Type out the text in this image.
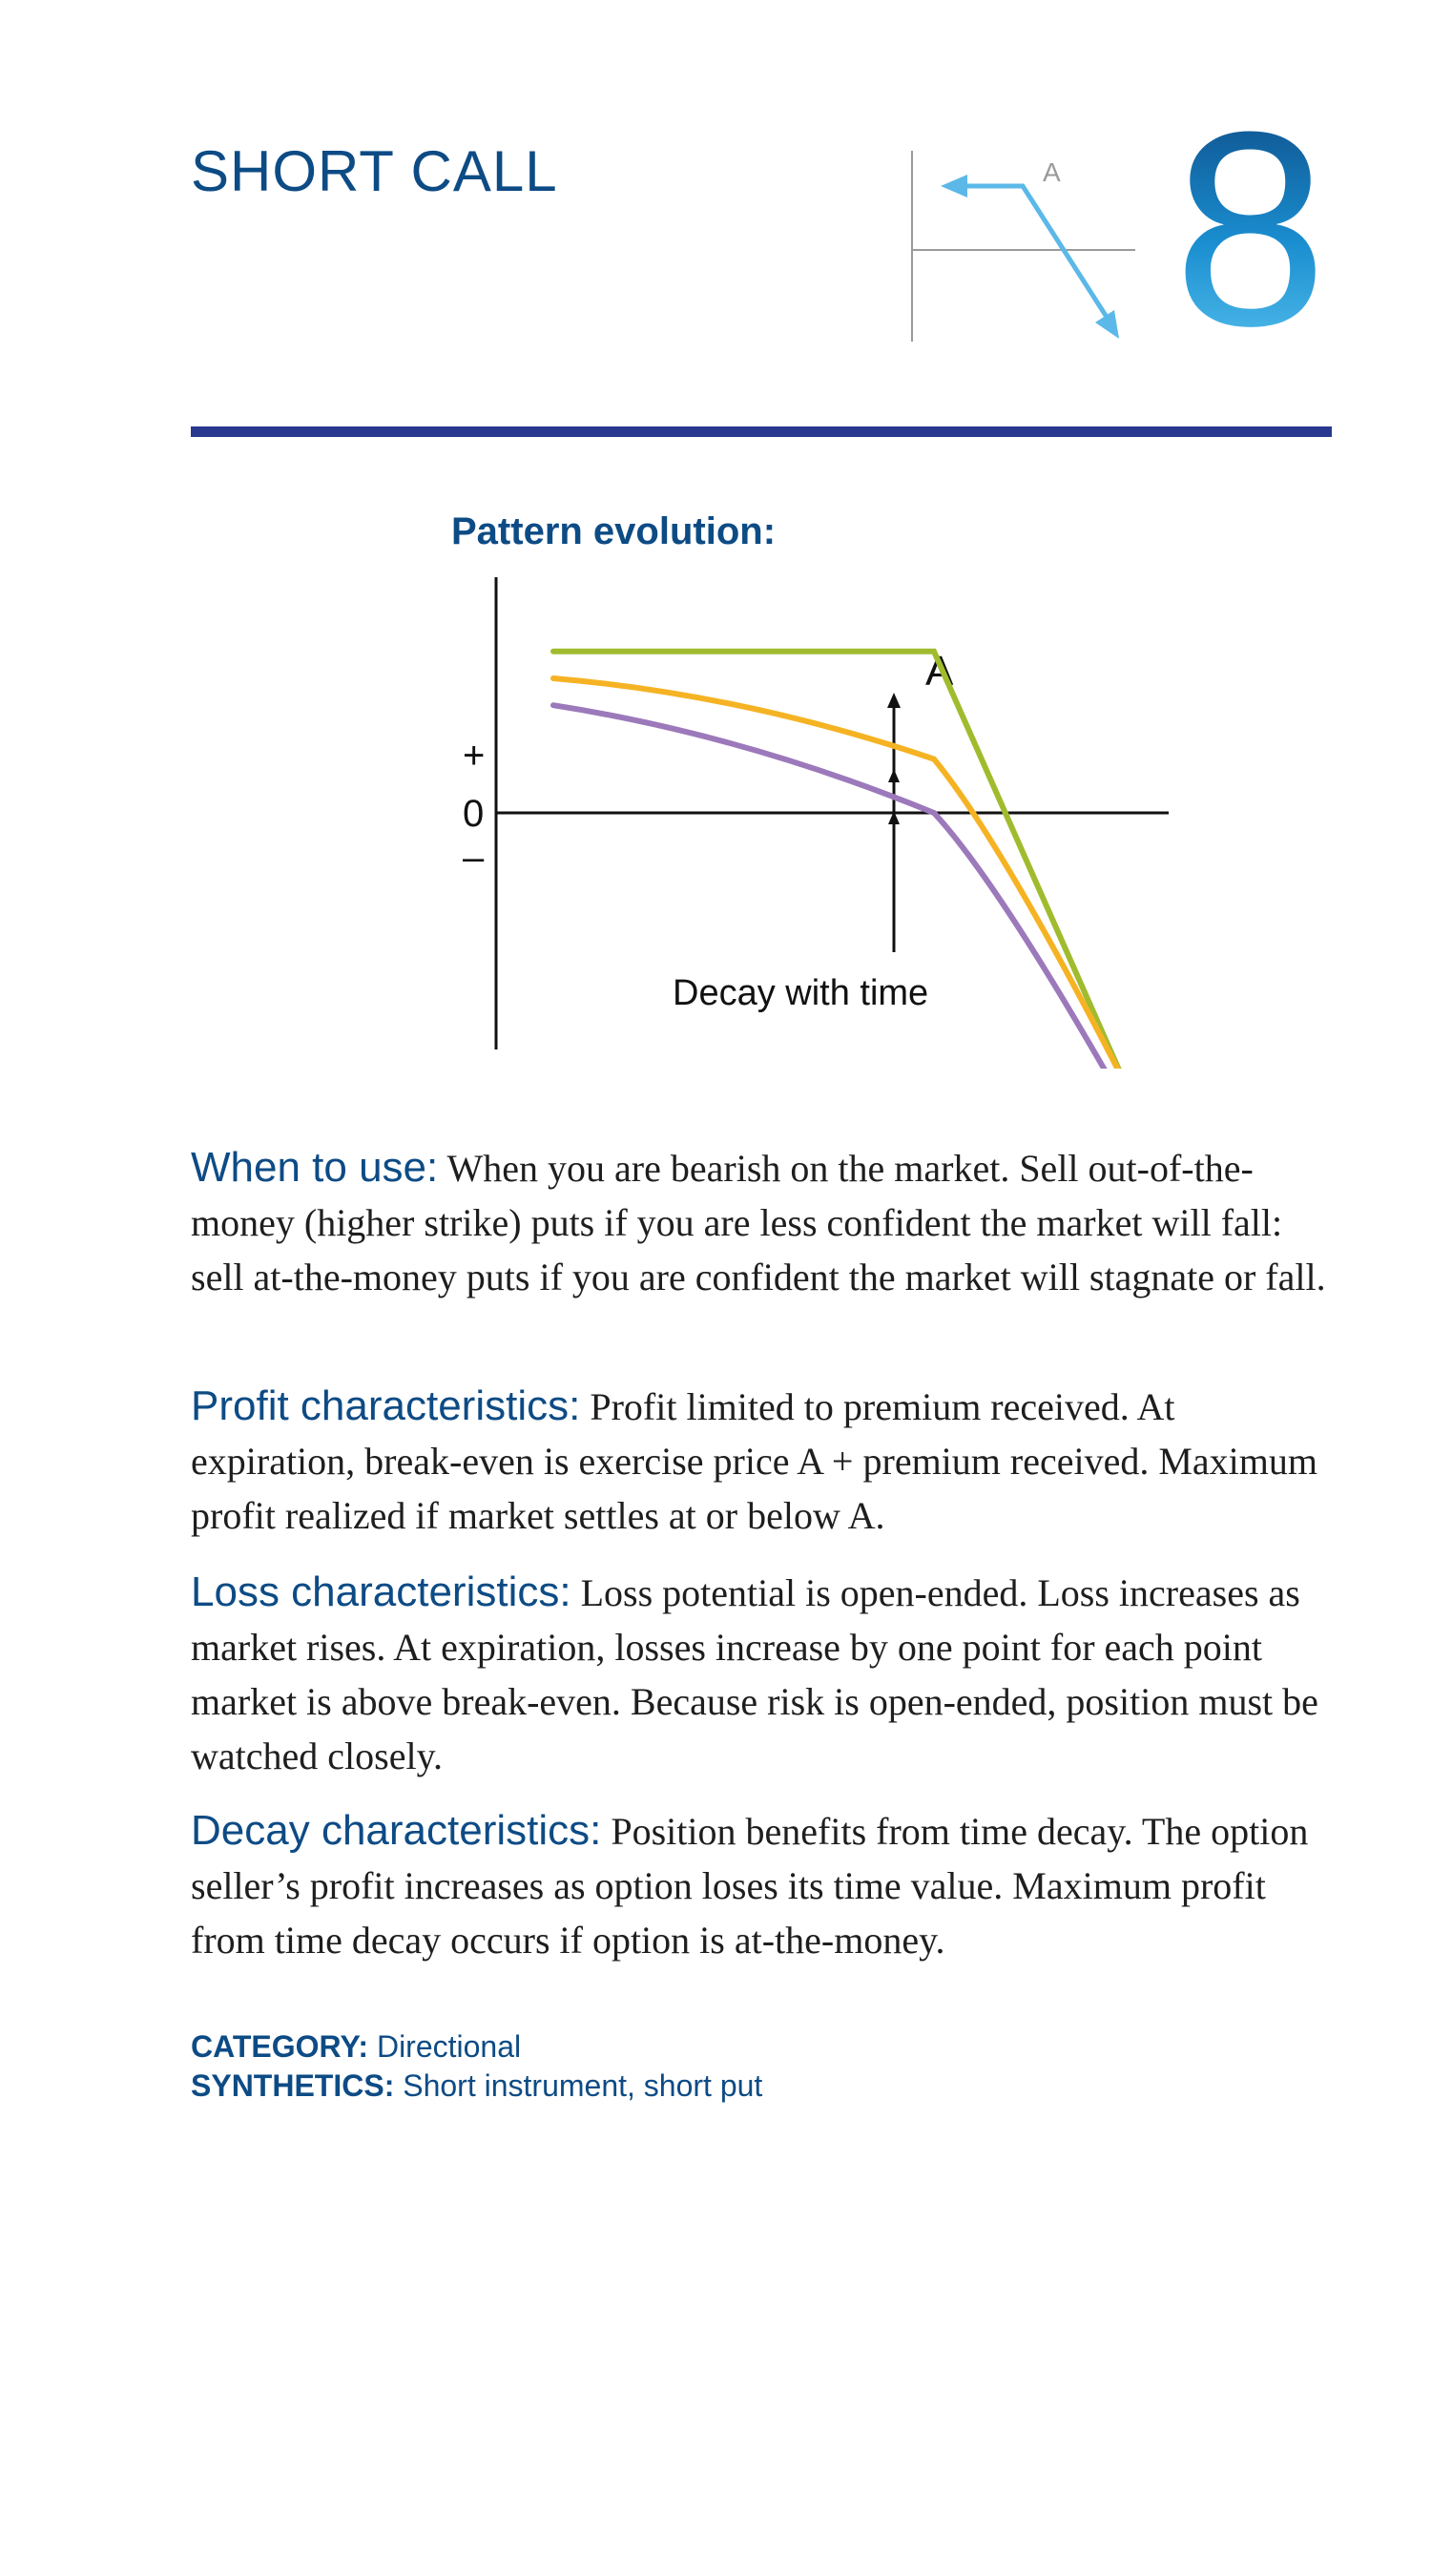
SHORT CALL	A 8
Pattern evolution:
+
0
–
A
Decay with time

When to use: When you are bearish on the market. Sell out-of-the-money (higher strike) puts if you are less confident the market will fall: sell at-the-money puts if you are confident the market will stagnate or fall.

Profit characteristics: Profit limited to premium received. At expiration, break-even is exercise price A + premium received. Maximum profit realized if market settles at or below A.

Loss characteristics: Loss potential is open-ended. Loss increases as market rises. At expiration, losses increase by one point for each point market is above break-even. Because risk is open-ended, position must be watched closely.

Decay characteristics: Position benefits from time decay. The option seller’s profit increases as option loses its time value. Maximum profit from time decay occurs if option is at-the-money.

CATEGORY: Directional

SYNTHETICS: Short instrument, short put
